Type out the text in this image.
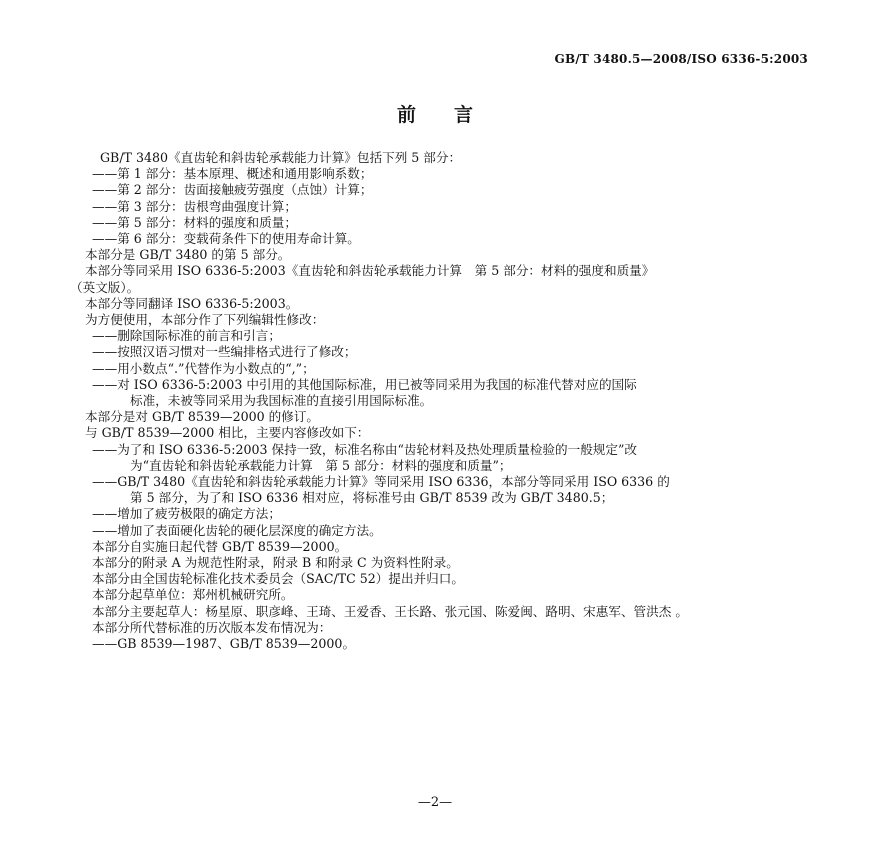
GB/T 3480.5—2008/ISO 6336-5:2003
前言
GB/T 3480《直齿轮和斜齿轮承载能力计算》包括下列 5 部分：
——第 1 部分：基本原理、概述和通用影响系数；
——第 2 部分：齿面接触疲劳强度（点蚀）计算；
——第 3 部分：齿根弯曲强度计算；
——第 5 部分：材料的强度和质量；
——第 6 部分：变载荷条件下的使用寿命计算。
本部分是 GB/T 3480 的第 5 部分。
本部分等同采用 ISO 6336-5:2003《直齿轮和斜齿轮承载能力计算　第 5 部分：材料的强度和质量》
（英文版）。
本部分等同翻译 ISO 6336-5:2003。
为方便使用，本部分作了下列编辑性修改：
——删除国际标准的前言和引言；
——按照汉语习惯对一些编排格式进行了修改；
——用小数点“.”代替作为小数点的“,”；
——对 ISO 6336-5:2003 中引用的其他国际标准，用已被等同采用为我国的标准代替对应的国际
标准，未被等同采用为我国标准的直接引用国际标准。
本部分是对 GB/T 8539—2000 的修订。
与 GB/T 8539—2000 相比，主要内容修改如下：
——为了和 ISO 6336-5:2003 保持一致，标准名称由“齿轮材料及热处理质量检验的一般规定”改
为“直齿轮和斜齿轮承载能力计算　第 5 部分：材料的强度和质量”；
——GB/T 3480《直齿轮和斜齿轮承载能力计算》等同采用 ISO 6336，本部分等同采用 ISO 6336 的
第 5 部分，为了和 ISO 6336 相对应，将标准号由 GB/T 8539 改为 GB/T 3480.5；
——增加了疲劳极限的确定方法；
——增加了表面硬化齿轮的硬化层深度的确定方法。
本部分自实施日起代替 GB/T 8539—2000。
本部分的附录 A 为规范性附录，附录 B 和附录 C 为资料性附录。
本部分由全国齿轮标准化技术委员会（SAC/TC 52）提出并归口。
本部分起草单位：郑州机械研究所。
本部分主要起草人：杨星原、职彦峰、王琦、王爱香、王长路、张元国、陈爱闽、路明、宋惠军、管洪杰 。
本部分所代替标准的历次版本发布情况为：
——GB 8539—1987、GB/T 8539—2000。
—2—
